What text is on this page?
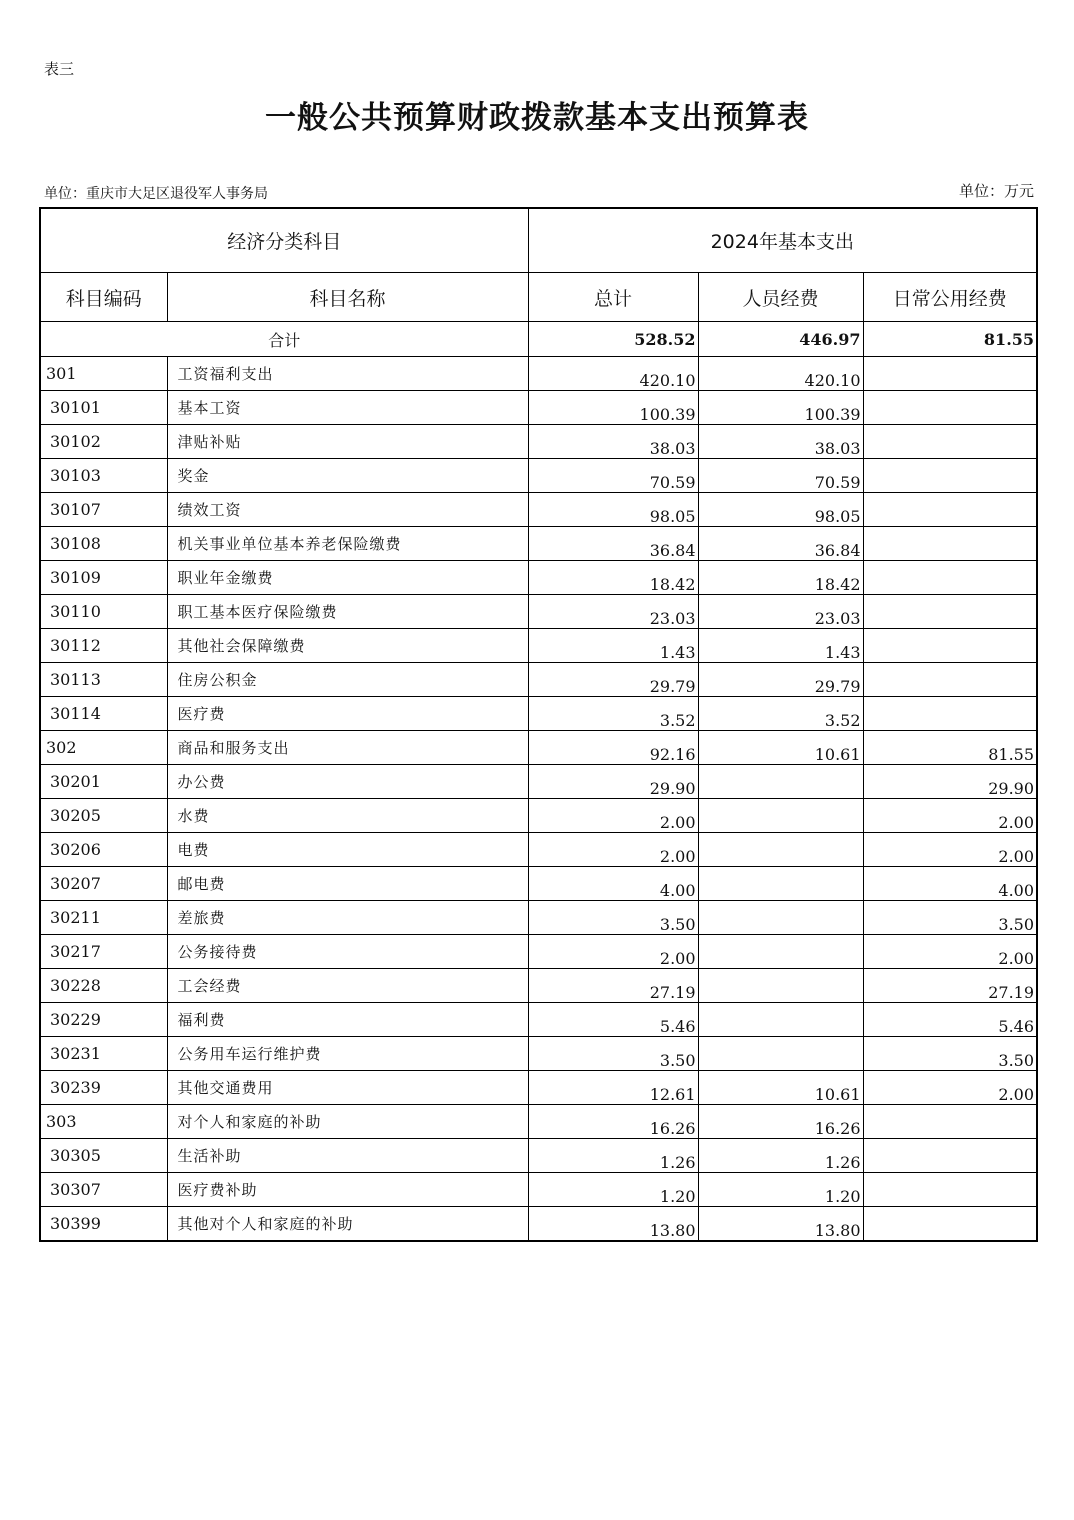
表三
一般公共预算财政拨款基本支出预算表
单位：重庆市大足区退役军人事务局	单位：万元
经济分类科目		2024年基本支出		
科目编码	科目名称	总计	人员经费	日常公用经费
合计		528.52	446.97	81.55
301	工资福利支出	420.10	420.10	
30101	基本工资	100.39	100.39	
30102	津贴补贴	38.03	38.03	
30103	奖金	70.59	70.59	
30107	绩效工资	98.05	98.05	
30108	机关事业单位基本养老保险缴费	36.84	36.84	
30109	职业年金缴费	18.42	18.42	
30110	职工基本医疗保险缴费	23.03	23.03	
30112	其他社会保障缴费	1.43	1.43	
30113	住房公积金	29.79	29.79	
30114	医疗费	3.52	3.52	
302	商品和服务支出	92.16	10.61	81.55
30201	办公费	29.90		29.90
30205	水费	2.00		2.00
30206	电费	2.00		2.00
30207	邮电费	4.00		4.00
30211	差旅费	3.50		3.50
30217	公务接待费	2.00		2.00
30228	工会经费	27.19		27.19
30229	福利费	5.46		5.46
30231	公务用车运行维护费	3.50		3.50
30239	其他交通费用	12.61	10.61	2.00
303	对个人和家庭的补助	16.26	16.26	
30305	生活补助	1.26	1.26	
30307	医疗费补助	1.20	1.20	
30399	其他对个人和家庭的补助	13.80	13.80	
